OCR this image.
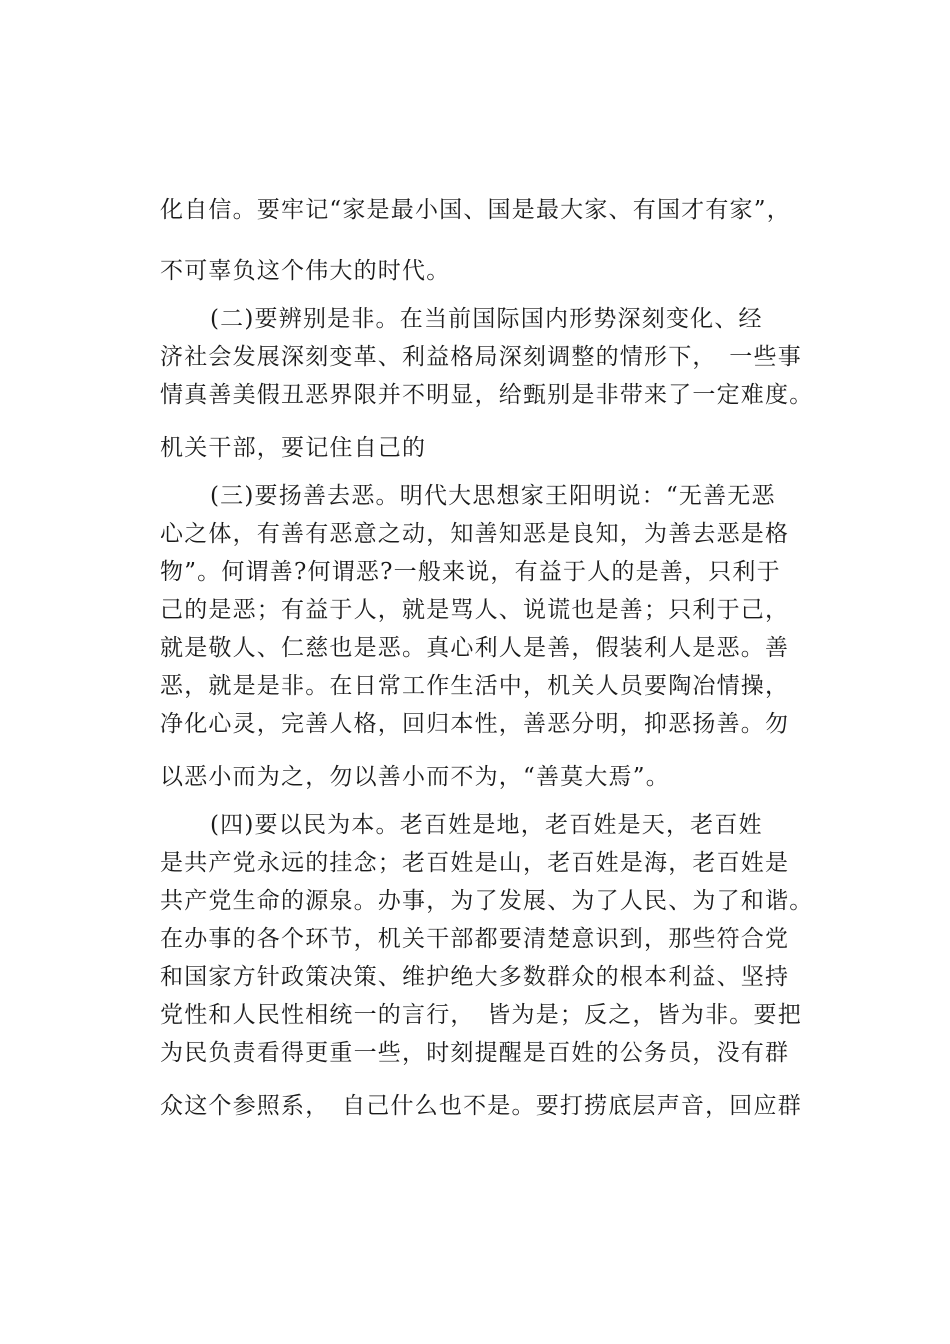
化自信。要牢记“家是最小国、国是最大家、有国才有家”，
不可辜负这个伟大的时代。
(二)要辨别是非。在当前国际国内形势深刻变化、经
济社会发展深刻变革、利益格局深刻调整的情形下，　一些事
情真善美假丑恶界限并不明显，给甄别是非带来了一定难度。
机关干部，要记住自己的
(三)要扬善去恶。明代大思想家王阳明说：“无善无恶
心之体，有善有恶意之动，知善知恶是良知，为善去恶是格
物”。何谓善?何谓恶?一般来说，有益于人的是善，只利于
己的是恶；有益于人，就是骂人、说谎也是善；只利于己，
就是敬人、仁慈也是恶。真心利人是善，假装利人是恶。善
恶，就是是非。在日常工作生活中，机关人员要陶冶情操，
净化心灵，完善人格，回归本性，善恶分明，抑恶扬善。勿
以恶小而为之，勿以善小而不为，“善莫大焉”。
(四)要以民为本。老百姓是地，老百姓是天，老百姓
是共产党永远的挂念；老百姓是山，老百姓是海，老百姓是
共产党生命的源泉。办事，为了发展、为了人民、为了和谐。
在办事的各个环节，机关干部都要清楚意识到，那些符合党
和国家方针政策决策、维护绝大多数群众的根本利益、坚持
党性和人民性相统一的言行，　皆为是；反之，皆为非。要把
为民负责看得更重一些，时刻提醒是百姓的公务员，没有群
众这个参照系，　自己什么也不是。要打捞底层声音，回应群
